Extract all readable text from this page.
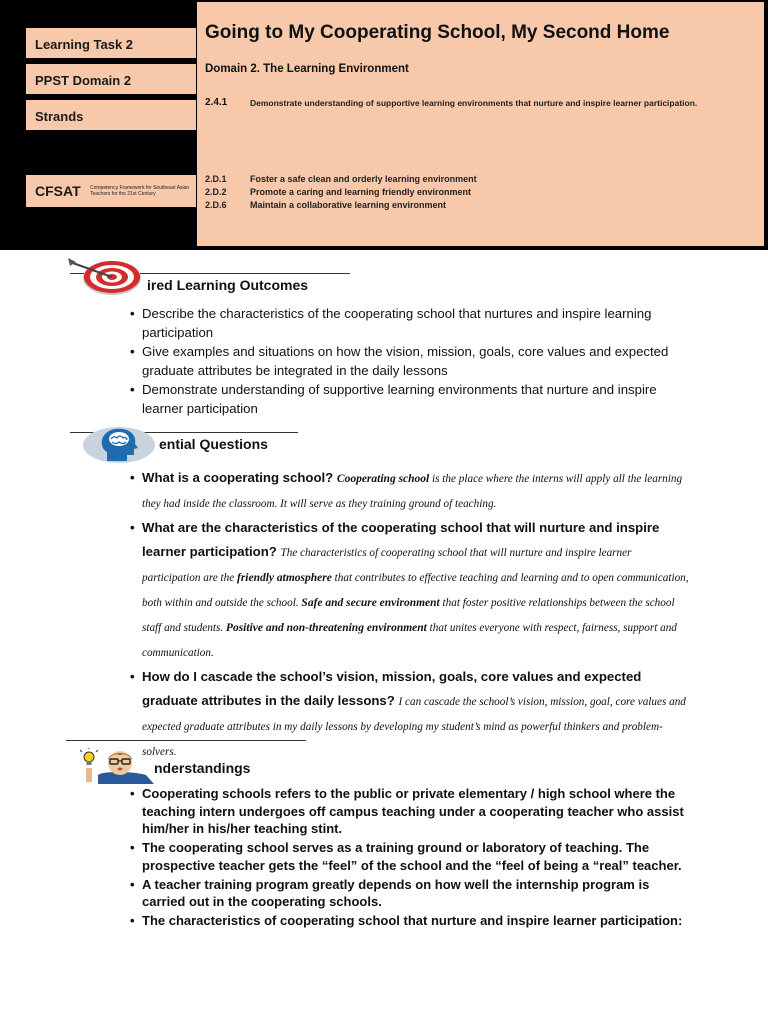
Learning Task 2
PPST Domain 2
Strands
CFSAT	Competency Framework for Southeast Asian Teachers for the 21st Century
Going to My Cooperating School, My Second Home
Domain 2. The Learning Environment
2.4.1	Demonstrate understanding of supportive learning environments that nurture and inspire learner participation.
2.D.1	Foster a safe clean and orderly learning environment
2.D.2	Promote a caring and learning friendly environment
2.D.6	Maintain a collaborative learning environment
ired Learning Outcomes
• Describe the characteristics of the cooperating school that nurtures and inspire learning participation
• Give examples and situations on how the vision, mission, goals, core values and expected graduate attributes be integrated in the daily lessons
• Demonstrate understanding of supportive learning environments that nurture and inspire learner participation
ential Questions
• What is a cooperating school? Cooperating school is the place where the interns will apply all the learning they had inside the classroom. It will serve as they training ground of teaching.
• What are the characteristics of the cooperating school that will nurture and inspire learner participation? The characteristics of cooperating school that will nurture and inspire learner participation are the friendly atmosphere that contributes to effective teaching and learning and to open communication, both within and outside the school. Safe and secure environment that foster positive relationships between the school staff and students. Positive and non-threatening environment that unites everyone with respect, fairness, support and communication.
• How do I cascade the school’s vision, mission, goals, core values and expected graduate attributes in the daily lessons? I can cascade the school’s vision, mission, goal, core values and expected graduate attributes in my daily lessons by developing my student’s mind as powerful thinkers and problem-solvers.
nderstandings
• Cooperating schools refers to the public or private elementary / high school where the teaching intern undergoes off campus teaching under a cooperating teacher who assist him/her in his/her teaching stint.
• The cooperating school serves as a training ground or laboratory of teaching. The prospective teacher gets the “feel” of the school and the “feel of being a “real” teacher.
• A teacher training program greatly depends on how well the internship program is carried out in the cooperating schools.
• The characteristics of cooperating school that nurture and inspire learner participation:
